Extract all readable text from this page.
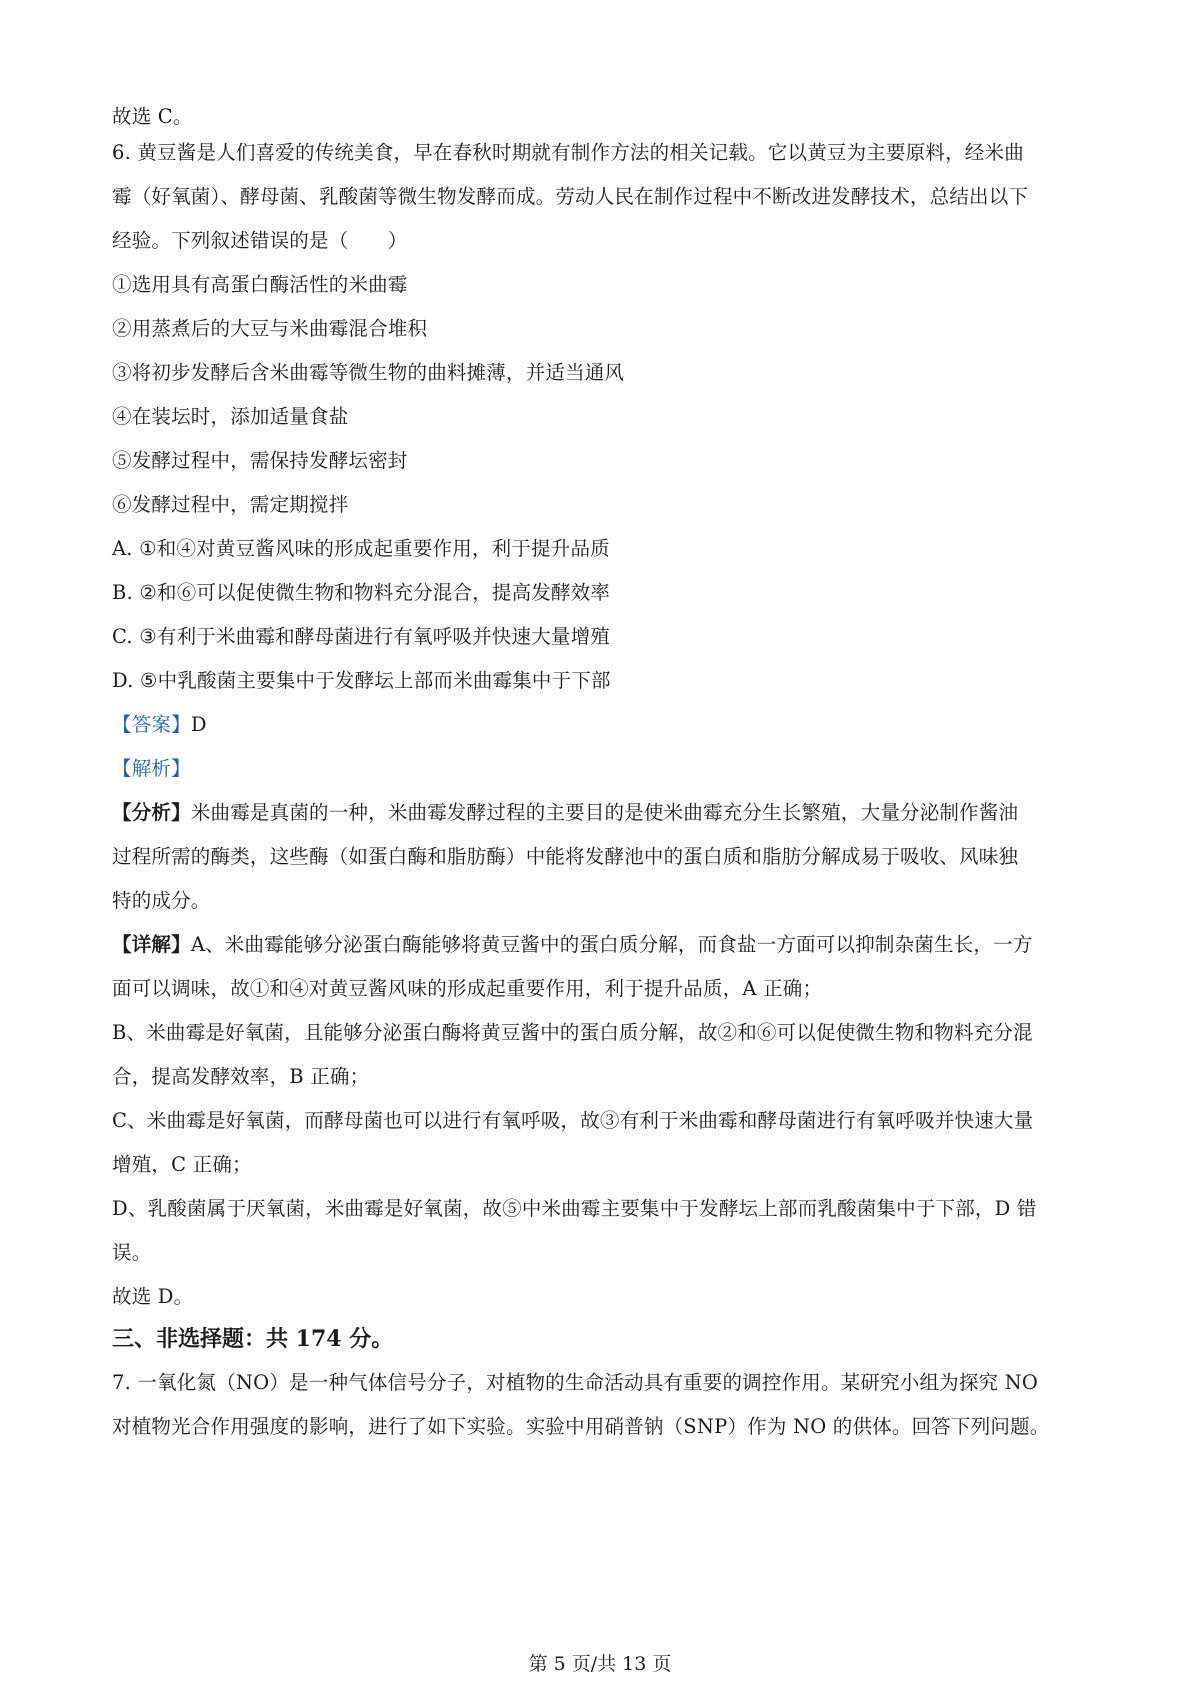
故选 C。
6. 黄豆酱是人们喜爱的传统美食，早在春秋时期就有制作方法的相关记载。它以黄豆为主要原料，经米曲
霉（好氧菌）、酵母菌、乳酸菌等微生物发酵而成。劳动人民在制作过程中不断改进发酵技术，总结出以下
经验。下列叙述错误的是（　　）
①选用具有高蛋白酶活性的米曲霉
②用蒸煮后的大豆与米曲霉混合堆积
③将初步发酵后含米曲霉等微生物的曲料摊薄，并适当通风
④在装坛时，添加适量食盐
⑤发酵过程中，需保持发酵坛密封
⑥发酵过程中，需定期搅拌
A. ①和④对黄豆酱风味的形成起重要作用，利于提升品质
B. ②和⑥可以促使微生物和物料充分混合，提高发酵效率
C. ③有利于米曲霉和酵母菌进行有氧呼吸并快速大量增殖
D. ⑤中乳酸菌主要集中于发酵坛上部而米曲霉集中于下部
【答案】D
【解析】
【分析】米曲霉是真菌的一种，米曲霉发酵过程的主要目的是使米曲霉充分生长繁殖，大量分泌制作酱油
过程所需的酶类，这些酶（如蛋白酶和脂肪酶）中能将发酵池中的蛋白质和脂肪分解成易于吸收、风味独
特的成分。
【详解】A、米曲霉能够分泌蛋白酶能够将黄豆酱中的蛋白质分解，而食盐一方面可以抑制杂菌生长，一方
面可以调味，故①和④对黄豆酱风味的形成起重要作用，利于提升品质，A 正确；
B、米曲霉是好氧菌，且能够分泌蛋白酶将黄豆酱中的蛋白质分解，故②和⑥可以促使微生物和物料充分混
合，提高发酵效率，B 正确；
C、米曲霉是好氧菌，而酵母菌也可以进行有氧呼吸，故③有利于米曲霉和酵母菌进行有氧呼吸并快速大量
增殖，C 正确；
D、乳酸菌属于厌氧菌，米曲霉是好氧菌，故⑤中米曲霉主要集中于发酵坛上部而乳酸菌集中于下部，D 错
误。
故选 D。
三、非选择题：共 174 分。
7. 一氧化氮（NO）是一种气体信号分子，对植物的生命活动具有重要的调控作用。某研究小组为探究 NO
对植物光合作用强度的影响，进行了如下实验。实验中用硝普钠（SNP）作为 NO 的供体。回答下列问题。
第 5 页/共 13 页
